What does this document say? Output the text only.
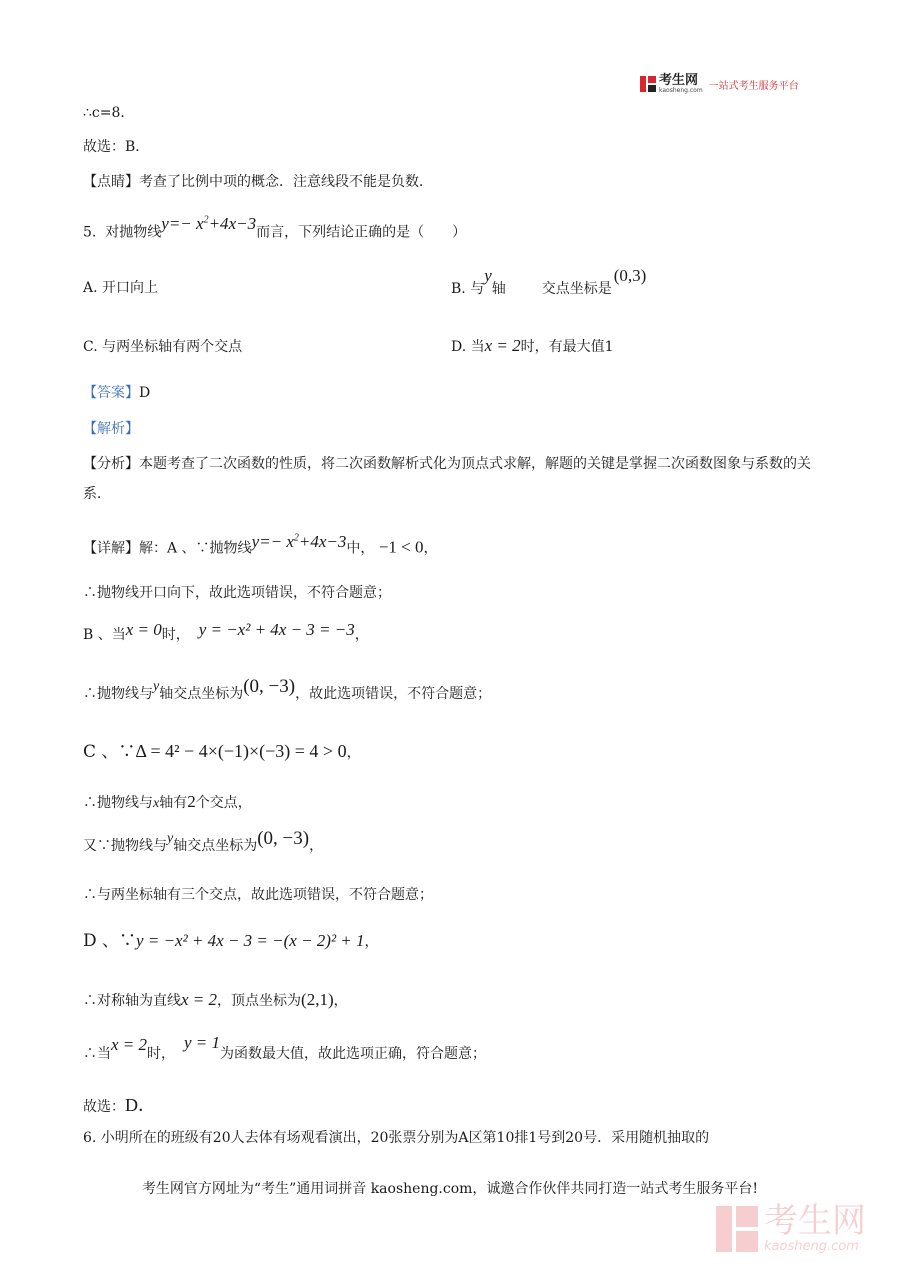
考生网
kaosheng.com 一站式考生服务平台
∴c=8．
故选：B．
【点睛】考查了比例中项的概念．注意线段不能是负数．
5. 对抛物线$y=- x^2+4x-3$而言，下列结论正确的是（　　）
A. 开口向上	B. 与y轴	交点坐标是(0,3)
C. 与两坐标轴有两个交点	D. 当x = 2时，有最大值1
【答案】D
【解析】
【分析】本题考查了二次函数的性质，将二次函数解析式化为顶点式求解，解题的关键是掌握二次函数图象与系数的关系．
【详解】解：A 、∵抛物线$y=- x^2+4x-3$中， −1 < 0，
∴抛物线开口向下，故此选项错误，不符合题意；
B 、当x = 0时， y = −x² + 4x − 3 = −3，
∴抛物线与y轴交点坐标为(0, −3)，故此选项错误，不符合题意；
C 、∵Δ = 4² − 4×(−1)×(−3) = 4 > 0，
∴抛物线与x轴有2个交点，
又∵抛物线与y轴交点坐标为(0, −3)，
∴与两坐标轴有三个交点，故此选项错误，不符合题意；
D 、∵y = −x² + 4x − 3 = −(x − 2)² + 1，
∴对称轴为直线x = 2，顶点坐标为(2,1)，
∴当x = 2时，  y = 1为函数最大值，故此选项正确，符合题意；
故选：D．
6. 小明所在的班级有20人去体有场观看演出，20张票分别为A区第10排1号到20号．采用随机抽取的
考生网官方网址为“考生”通用词拼音 kaosheng.com，诚邀合作伙伴共同打造一站式考生服务平台!
考生网
kaosheng.com
